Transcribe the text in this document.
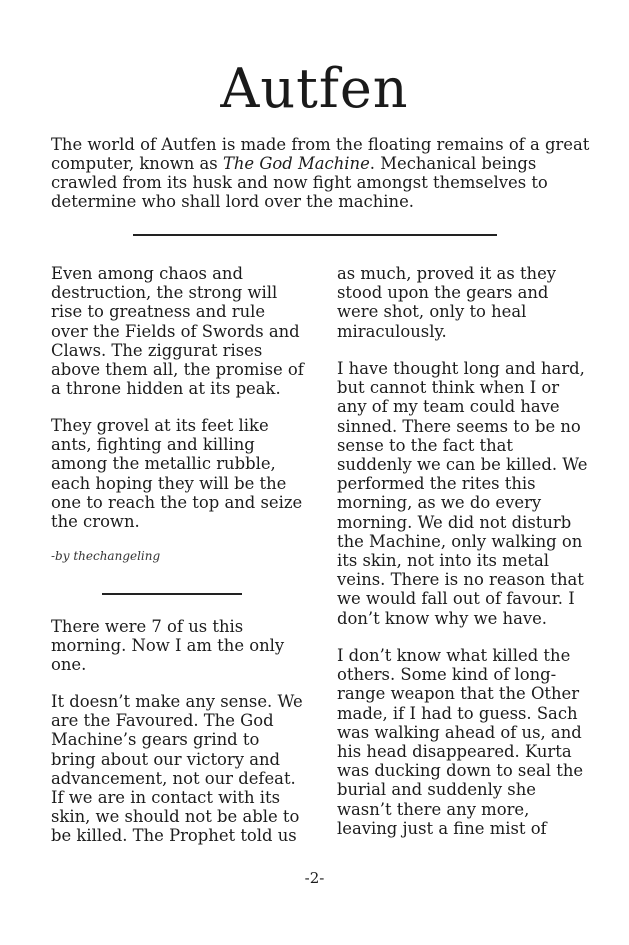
Autfen

The world of Autfen is made from the floating remains of a great computer, known as The God Machine. Mechanical beings crawled from its husk and now fight amongst themselves to determine who shall lord over the machine.

Even among chaos and destruction, the strong will rise to greatness and rule over the Fields of Swords and Claws. The ziggurat rises above them all, the promise of a throne hidden at its peak.

They grovel at its feet like ants, fighting and killing among the metallic rubble, each hoping they will be the one to reach the top and seize the crown.

-by thechangeling

There were 7 of us this morning. Now I am the only one.

It doesn’t make any sense. We are the Favoured. The God Machine’s gears grind to bring about our victory and advancement, not our defeat. If we are in contact with its skin, we should not be able to be killed. The Prophet told us

as much, proved it as they stood upon the gears and were shot, only to heal miraculously.

I have thought long and hard, but cannot think when I or any of my team could have sinned. There seems to be no sense to the fact that suddenly we can be killed. We performed the rites this morning, as we do every morning. We did not disturb the Machine, only walking on its skin, not into its metal veins. There is no reason that we would fall out of favour. I don’t know why we have.

I don’t know what killed the others. Some kind of long-range weapon that the Other made, if I had to guess. Sach was walking ahead of us, and his head disappeared. Kurta was ducking down to seal the burial and suddenly she wasn’t there any more, leaving just a fine mist of

-2-
